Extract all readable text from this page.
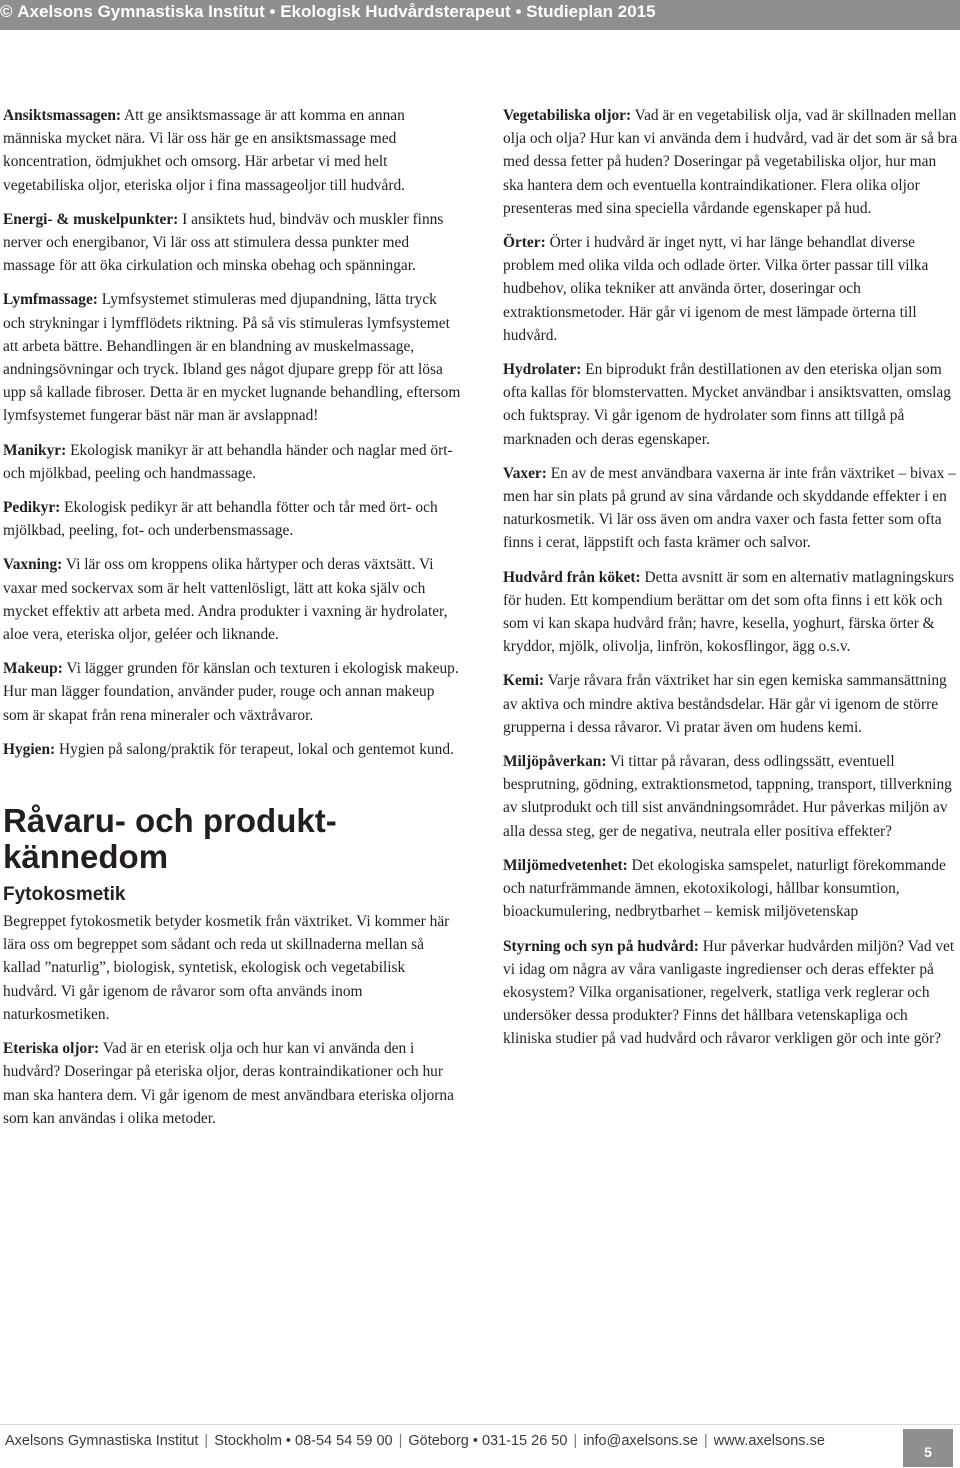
© Axelsons Gymnastiska Institut • Ekologisk Hudvårdsterapeut • Studieplan 2015

Ansiktsmassagen: Att ge ansiktsmassage är att komma en annan människa mycket nära. Vi lär oss här ge en ansiktsmassage med koncentration, ödmjukhet och omsorg. Här arbetar vi med helt vegetabiliska oljor, eteriska oljor i fina massageoljor till hudvård.

Energi- & muskelpunkter: I ansiktets hud, bindväv och muskler finns nerver och energibanor, Vi lär oss att stimulera dessa punkter med massage för att öka cirkulation och minska obehag och spänningar.

Lymfmassage: Lymfsystemet stimuleras med djupandning, lätta tryck och strykningar i lymfflödets riktning. På så vis stimuleras lymfsystemet att arbeta bättre. Behandlingen är en blandning av muskelmassage, andningsövningar och tryck. Ibland ges något djupare grepp för att lösa upp så kallade fibroser. Detta är en mycket lugnande behandling, eftersom lymfsystemet fungerar bäst när man är avslappnad!

Manikyr: Ekologisk manikyr är att behandla händer och naglar med ört- och mjölkbad, peeling och handmassage.

Pedikyr: Ekologisk pedikyr är att behandla fötter och tår med ört- och mjölkbad, peeling, fot- och underbensmassage.

Vaxning: Vi lär oss om kroppens olika hårtyper och deras växtsätt. Vi vaxar med sockervax som är helt vattenlösligt, lätt att koka själv och mycket effektiv att arbeta med. Andra produkter i vaxning är hydrolater, aloe vera, eteriska oljor, geléer och liknande.

Makeup: Vi lägger grunden för känslan och texturen i ekologisk makeup. Hur man lägger foundation, använder puder, rouge och annan makeup som är skapat från rena mineraler och växtråvaror.

Hygien: Hygien på salong/praktik för terapeut, lokal och gentemot kund.

Råvaru- och produkt-
kännedom
Fytokosmetik

Begreppet fytokosmetik betyder kosmetik från växtriket. Vi kommer här lära oss om begreppet som sådant och reda ut skillnaderna mellan så kallad ”naturlig”, biologisk, syntetisk, ekologisk och vegetabilisk hudvård. Vi går igenom de råvaror som ofta används inom naturkosmetiken.

Eteriska oljor: Vad är en eterisk olja och hur kan vi använda den i hudvård? Doseringar på eteriska oljor, deras kontraindikationer och hur man ska hantera dem. Vi går igenom de mest användbara eteriska oljorna som kan användas i olika metoder.

Vegetabiliska oljor: Vad är en vegetabilisk olja, vad är skillnaden mellan olja och olja? Hur kan vi använda dem i hudvård, vad är det som är så bra med dessa fetter på huden? Doseringar på vegetabiliska oljor, hur man ska hantera dem och eventuella kontraindikationer. Flera olika oljor presenteras med sina speciella vårdande egenskaper på hud.

Örter: Örter i hudvård är inget nytt, vi har länge behandlat diverse problem med olika vilda och odlade örter. Vilka örter passar till vilka hudbehov, olika tekniker att använda örter, doseringar och extraktionsmetoder. Här går vi igenom de mest lämpade örterna till hudvård.

Hydrolater: En biprodukt från destillationen av den eteriska oljan som ofta kallas för blomstervatten. Mycket användbar i ansiktsvatten, omslag och fuktspray. Vi går igenom de hydrolater som finns att tillgå på marknaden och deras egenskaper.

Vaxer: En av de mest användbara vaxerna är inte från växtriket – bivax – men har sin plats på grund av sina vårdande och skyddande effekter i en naturkosmetik. Vi lär oss även om andra vaxer och fasta fetter som ofta finns i cerat, läppstift och fasta krämer och salvor.

Hudvård från köket: Detta avsnitt är som en alternativ matlagningskurs för huden. Ett kompendium berättar om det som ofta finns i ett kök och som vi kan skapa hudvård från; havre, kesella, yoghurt, färska örter & kryddor, mjölk, olivolja, linfrön, kokosflingor, ägg o.s.v.

Kemi: Varje råvara från växtriket har sin egen kemiska sammansättning av aktiva och mindre aktiva beståndsdelar. Här går vi igenom de större grupperna i dessa råvaror. Vi pratar även om hudens kemi.

Miljöpåverkan: Vi tittar på råvaran, dess odlingssätt, eventuell besprutning, gödning, extraktionsmetod, tappning, transport, tillverkning av slutprodukt och till sist användningsområdet. Hur påverkas miljön av alla dessa steg, ger de negativa, neutrala eller positiva effekter?

Miljömedvetenhet: Det ekologiska samspelet, naturligt förekommande och naturfrämmande ämnen, ekotoxikologi, hållbar konsumtion, bioackumulering, nedbrytbarhet – kemisk miljövetenskap

Styrning och syn på hudvård: Hur påverkar hudvården miljön? Vad vet vi idag om några av våra vanligaste ingredienser och deras effekter på ekosystem? Vilka organisationer, regelverk, statliga verk reglerar och undersöker dessa produkter? Finns det hållbara vetenskapliga och kliniska studier på vad hudvård och råvaror verkligen gör och inte gör?

Axelsons Gymnastiska Institut | Stockholm • 08-54 54 59 00 | Göteborg • 031-15 26 50 | info@axelsons.se | www.axelsons.se
5
